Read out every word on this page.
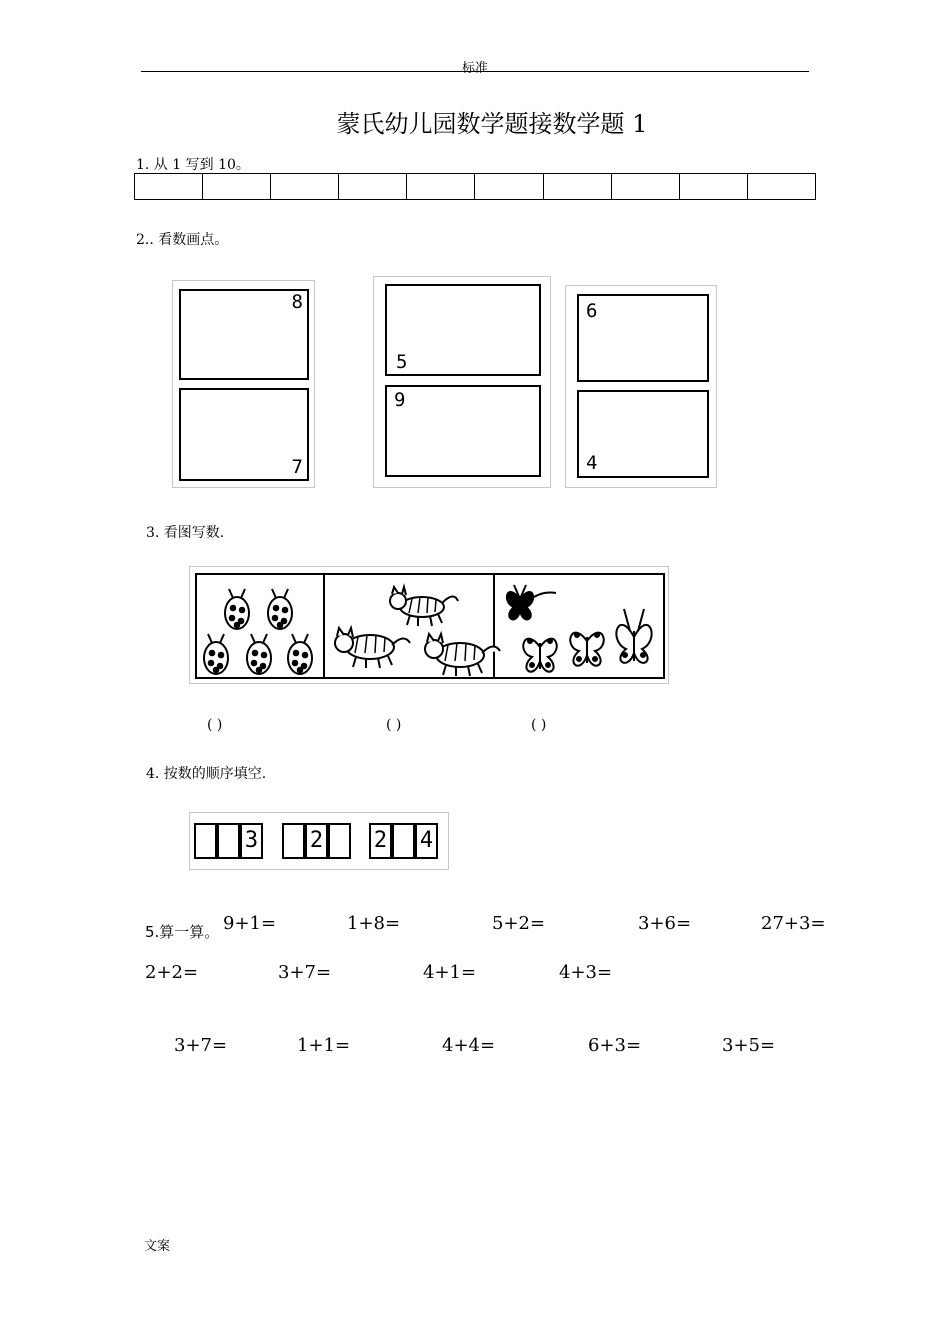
标准
蒙氏幼儿园数学题接数学题 1
1. 从 1 写到 10。
2.. 看数画点。
8
7
5
9
6
4
3. 看图写数.
( )	( )	( )
4. 按数的顺序填空.
3 2 2 4
5.算一算。 9+1=	1+8=	5+2=	3+6=	27+3=
2+2=	3+7=	4+1=	4+3=
3+7=	1+1=	4+4=	6+3=	3+5=
文案
